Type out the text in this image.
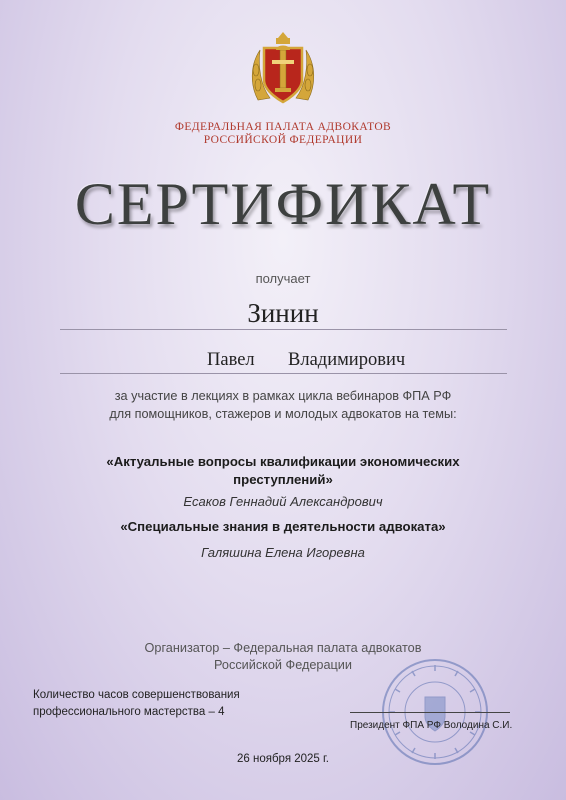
ФЕДЕРАЛЬНАЯ ПАЛАТА АДВОКАТОВ
РОССИЙСКОЙ ФЕДЕРАЦИИ
СЕРТИФИКАТ
получает
Зинин
Павел Владимирович
за участие в лекциях в рамках цикла вебинаров ФПА РФ
для помощников, стажеров и молодых адвокатов на темы:
«Актуальные вопросы квалификации экономических преступлений»
Есаков Геннадий Александрович
«Специальные знания в деятельности адвоката»
Галяшина Елена Игоревна
Организатор – Федеральная палата адвокатов
Российской Федерации
Количество часов совершенствования
профессионального мастерства – 4
Президент ФПА РФ Володина С.И.
26 ноября 2025 г.
